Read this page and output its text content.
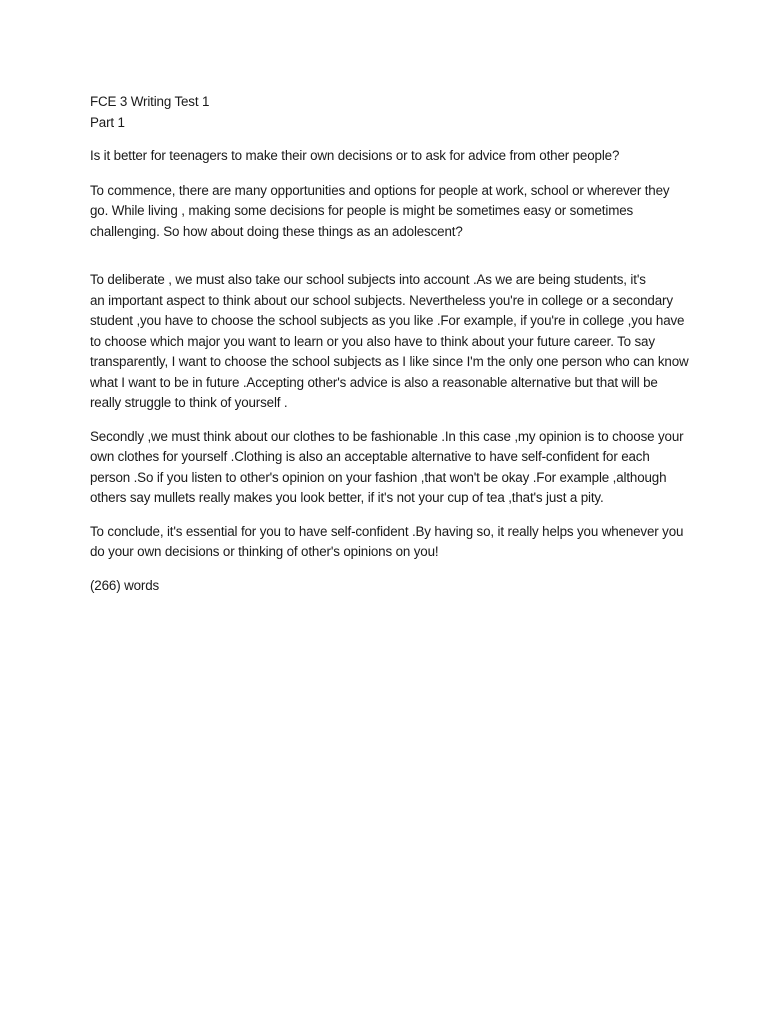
FCE 3 Writing Test 1
Part 1
Is it better for teenagers to make their own decisions or to ask for advice from other people?
To commence, there are many opportunities and options for people at work, school or wherever they
go. While living , making some decisions for people is might be sometimes easy or sometimes
challenging. So how about doing these things as an adolescent?
To deliberate , we must also take our school subjects into account .As we are being students, it's
an important aspect to think about our school subjects. Nevertheless you're in college or a secondary
student ,you have to choose the school subjects as you like .For example, if you're in college ,you have
to choose which major you want to learn or you also have to think about your future career. To say
transparently, I want to choose the school subjects as I like since I'm the only one person who can know
what I want to be in future .Accepting other's advice is also a reasonable alternative but that will be
really struggle to think of yourself .
Secondly ,we must think about our clothes to be fashionable .In this case ,my opinion is to choose your
own clothes for yourself .Clothing is also an acceptable alternative to have self-confident for each
person .So if you listen to other's opinion on your fashion ,that won't be okay .For example ,although
others say mullets really makes you look better, if it's not your cup of tea ,that's just a pity.
To conclude, it's essential for you to have self-confident .By having so, it really helps you whenever you
do your own decisions or thinking of other's opinions on you!
(266) words
